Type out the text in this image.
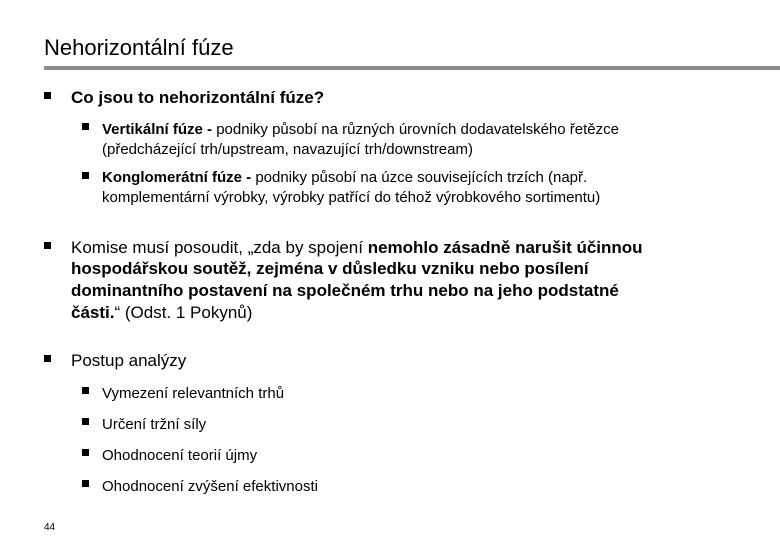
Nehorizontální fúze
Co jsou to nehorizontální fúze?
Vertikální fúze - podniky působí na různých úrovních dodavatelského řetězce
(předcházející trh/upstream, navazující trh/downstream)
Konglomerátní fúze - podniky působí na úzce souvisejících trzích (např.
komplementární výrobky, výrobky patřící do téhož výrobkového sortimentu)
Komise musí posoudit, „zda by spojení nemohlo zásadně narušit účinnou
hospodářskou soutěž, zejména v důsledku vzniku nebo posílení
dominantního postavení na společném trhu nebo na jeho podstatné
části.“ (Odst. 1 Pokynů)
Postup analýzy
Vymezení relevantních trhů
Určení tržní síly
Ohodnocení teorií újmy
Ohodnocení zvýšení efektivnosti
44
